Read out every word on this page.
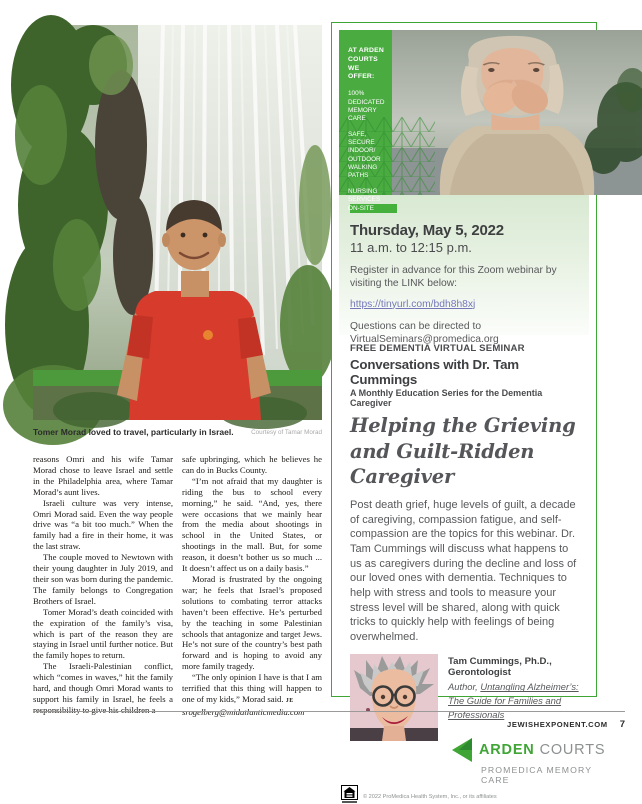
Tomer Morad loved to travel, particularly in Israel.	Courtesy of Tamar Morad

reasons Omri and his wife Tamar Morad chose to leave Israel and settle in the Philadelphia area, where Tamar Morad’s aunt lives.

Israeli culture was very intense, Omri Morad said. Even the way people drive was “a bit too much.” When the family had a fire in their home, it was the last straw.

The couple moved to Newtown with their young daughter in July 2019, and their son was born during the pandemic. The family belongs to Congregation Brothers of Israel.

Tomer Morad’s death coincided with the expiration of the family’s visa, which is part of the reason they are staying in Israel until further notice. But the family hopes to return.

The Israeli-Palestinian conflict, which “comes in waves,” hit the family hard, and though Omri Morad wants to support his family in Israel, he feels a responsibility to give his children a

safe upbringing, which he believes he can do in Bucks County.

“I’m not afraid that my daughter is riding the bus to school every morning,” he said. “And, yes, there were occasions that we mainly hear from the media about shootings in school in the United States, or shootings in the mall. But, for some reason, it doesn’t bother us so much ... It doesn’t affect us on a daily basis.”

Morad is frustrated by the ongoing war; he feels that Israel’s proposed solutions to combating terror attacks haven’t been effective. He’s perturbed by the teaching in some Palestinian schools that antagonize and target Jews. He’s not sure of the country’s best path forward and is hoping to avoid any more family tragedy.

“The only opinion I have is that I am terrified that this thing will happen to one of my kids,” Morad said. JE

srogelberg@midatlanticmedia.com

AT ARDEN COURTS WE OFFER:
100% DEDICATED MEMORY CARE
SAFE, SECURE INDOOR/ OUTDOOR WALKING PATHS
NURSING SERVICES ON-SITE
Thursday, May 5, 2022
11 a.m. to 12:15 p.m.
Register in advance for this Zoom webinar by visiting the LINK below:
https://tinyurl.com/bdh8h8xj
Questions can be directed to
VirtualSeminars@promedica.org
FREE DEMENTIA VIRTUAL SEMINAR
Conversations with Dr. Tam Cummings
A Monthly Education Series for the Dementia Caregiver
Helping the Grieving and Guilt-Ridden Caregiver
Post death grief, huge levels of guilt, a decade of caregiving, compassion fatigue, and self-compassion are the topics for this webinar. Dr. Tam Cummings will discuss what happens to us as caregivers during the decline and loss of our loved ones with dementia. Techniques to help with stress and tools to measure your stress level will be shared, along with quick tricks to quickly help with feelings of being overwhelmed.
Tam Cummings, Ph.D., Gerontologist
Author, Untangling Alzheimer’s: The Guide for Families and Professionals
ARDEN COURTS
PROMEDICA MEMORY CARE
© 2022 ProMedica Health System, Inc., or its affiliates
JEWISHEXPONENT.COM 7
